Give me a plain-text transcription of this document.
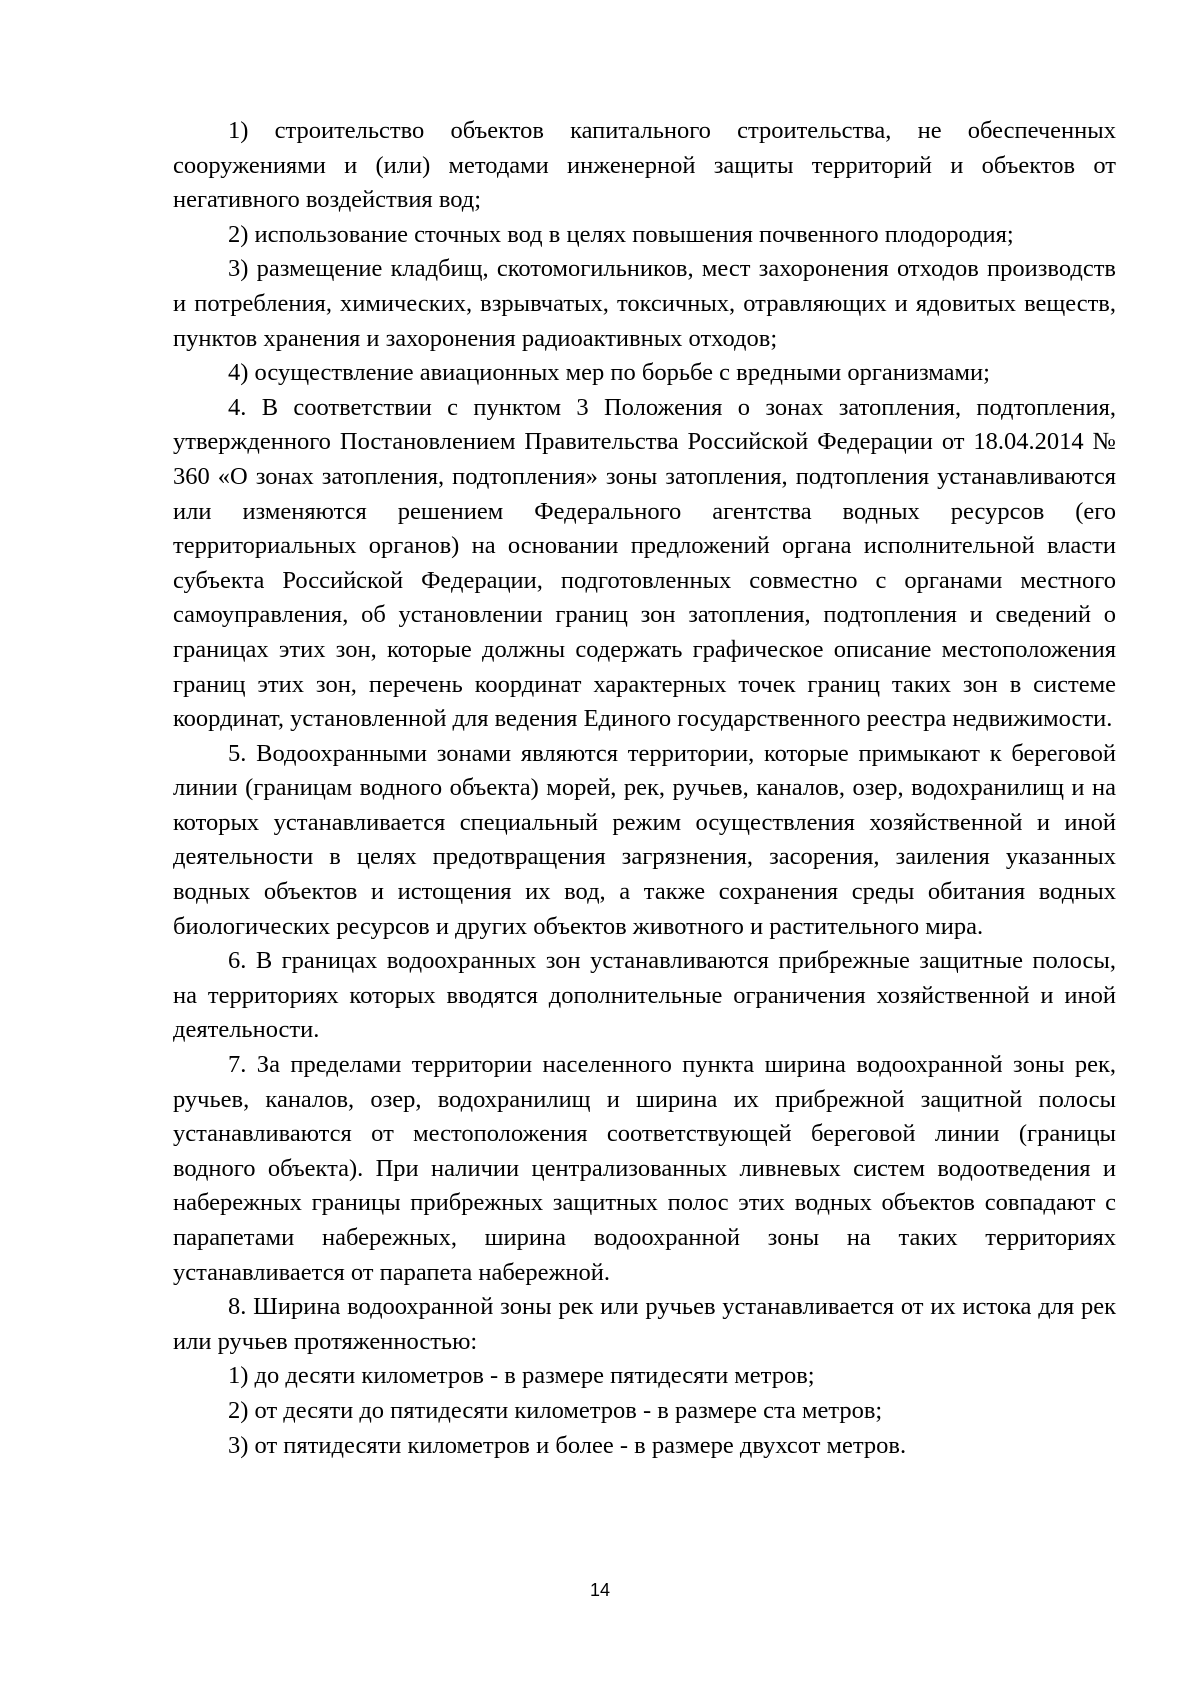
1) строительство объектов капитального строительства, не обеспеченных сооружениями и (или) методами инженерной защиты территорий и объектов от негативного воздействия вод;

2) использование сточных вод в целях повышения почвенного плодородия;

3) размещение кладбищ, скотомогильников, мест захоронения отходов производств и потребления, химических, взрывчатых, токсичных, отравляющих и ядовитых веществ, пунктов хранения и захоронения радиоактивных отходов;

4) осуществление авиационных мер по борьбе с вредными организмами;

4. В соответствии с пунктом 3 Положения о зонах затопления, подтопления, утвержденного Постановлением Правительства Российской Федерации от 18.04.2014 № 360 «О зонах затопления, подтопления» зоны затопления, подтопления устанавливаются или изменяются решением Федерального агентства водных ресурсов (его территориальных органов) на основании предложений органа исполнительной власти субъекта Российской Федерации, подготовленных совместно с органами местного самоуправления, об установлении границ зон затопления, подтопления и сведений о границах этих зон, которые должны содержать графическое описание местоположения границ этих зон, перечень координат характерных точек границ таких зон в системе координат, установленной для ведения Единого государственного реестра недвижимости.

5. Водоохранными зонами являются территории, которые примыкают к береговой линии (границам водного объекта) морей, рек, ручьев, каналов, озер, водохранилищ и на которых устанавливается специальный режим осуществления хозяйственной и иной деятельности в целях предотвращения загрязнения, засорения, заиления указанных водных объектов и истощения их вод, а также сохранения среды обитания водных биологических ресурсов и других объектов животного и растительного мира.

6. В границах водоохранных зон устанавливаются прибрежные защитные полосы, на территориях которых вводятся дополнительные ограничения хозяйственной и иной деятельности.

7. За пределами территории населенного пункта ширина водоохранной зоны рек, ручьев, каналов, озер, водохранилищ и ширина их прибрежной защитной полосы устанавливаются от местоположения соответствующей береговой линии (границы водного объекта). При наличии централизованных ливневых систем водоотведения и набережных границы прибрежных защитных полос этих водных объектов совпадают с парапетами набережных, ширина водоохранной зоны на таких территориях устанавливается от парапета набережной.

8. Ширина водоохранной зоны рек или ручьев устанавливается от их истока для рек или ручьев протяженностью:

1) до десяти километров - в размере пятидесяти метров;

2) от десяти до пятидесяти километров - в размере ста метров;

3) от пятидесяти километров и более - в размере двухсот метров.

14
